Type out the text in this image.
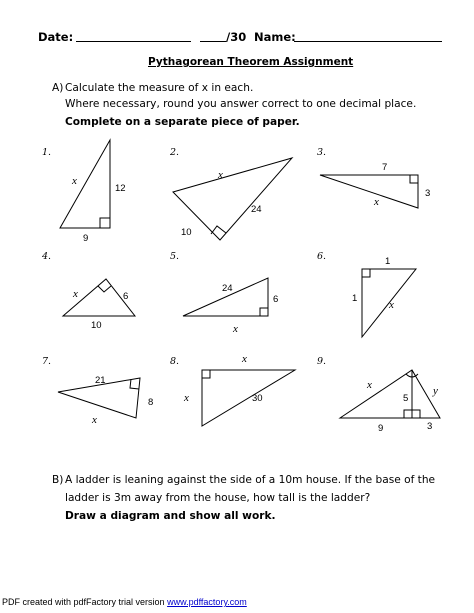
Date:	/30 Name:
Pythagorean Theorem Assignment
A) Calculate the measure of x in each.
Where necessary, round you answer correct to one decimal place.
Complete on a separate piece of paper.
1.	2.	3.
4.	5.	6.
7.	8.	9.
x
12
9
x
24
10
7
3
x
x	6
10
24
6
x
1
1
x
21
8
x
x
30
x
x	y
5
9	3
B) A ladder is leaning against the side of a 10m house. If the base of the
ladder is 3m away from the house, how tall is the ladder?
Draw a diagram and show all work.
PDF created with pdfFactory trial version www.pdffactory.com
